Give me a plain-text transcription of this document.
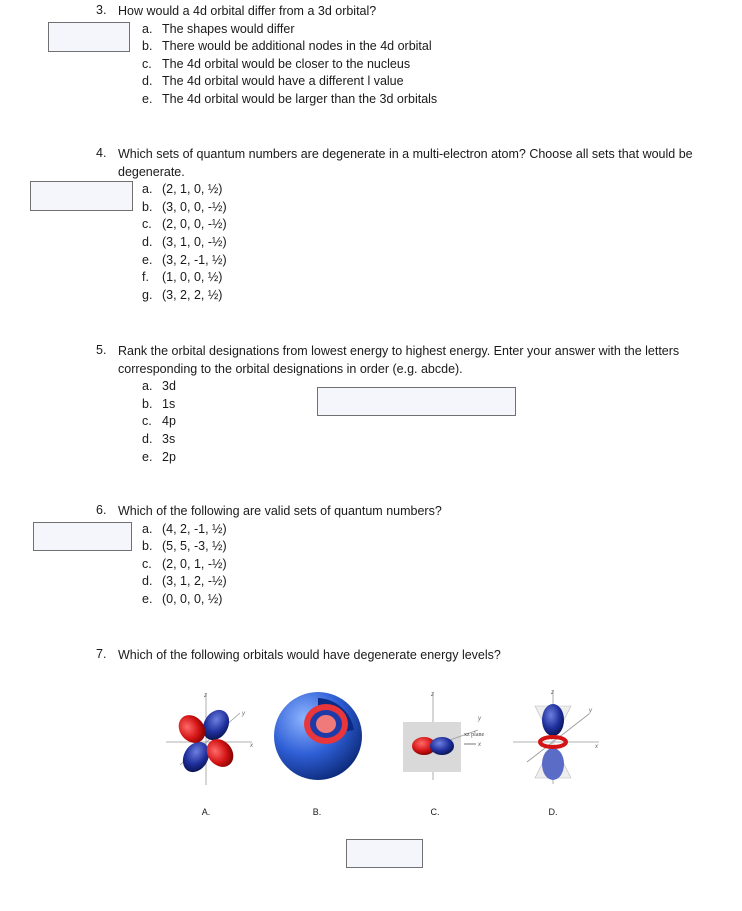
3. How would a 4d orbital differ from a 3d orbital?
a. The shapes would differ
b. There would be additional nodes in the 4d orbital
c. The 4d orbital would be closer to the nucleus
d. The 4d orbital would have a different l value
e. The 4d orbital would be larger than the 3d orbitals
4. Which sets of quantum numbers are degenerate in a multi-electron atom? Choose all sets that would be degenerate.
a. (2, 1, 0, ½)
b. (3, 0, 0, -½)
c. (2, 0, 0, -½)
d. (3, 1, 0, -½)
e. (3, 2, -1, ½)
f. (1, 0, 0, ½)
g. (3, 2, 2, ½)
5. Rank the orbital designations from lowest energy to highest energy. Enter your answer with the letters corresponding to the orbital designations in order (e.g. abcde).
a. 3d
b. 1s
c. 4p
d. 3s
e. 2p
6. Which of the following are valid sets of quantum numbers?
a. (4, 2, -1, ½)
b. (5, 5, -3, ½)
c. (2, 0, 1, -½)
d. (3, 1, 2, -½)
e. (0, 0, 0, ½)
7. Which of the following orbitals would have degenerate energy levels?
z
y
x
A.	B.
z
y
xz plane
x
C.
z
y
x
D.
